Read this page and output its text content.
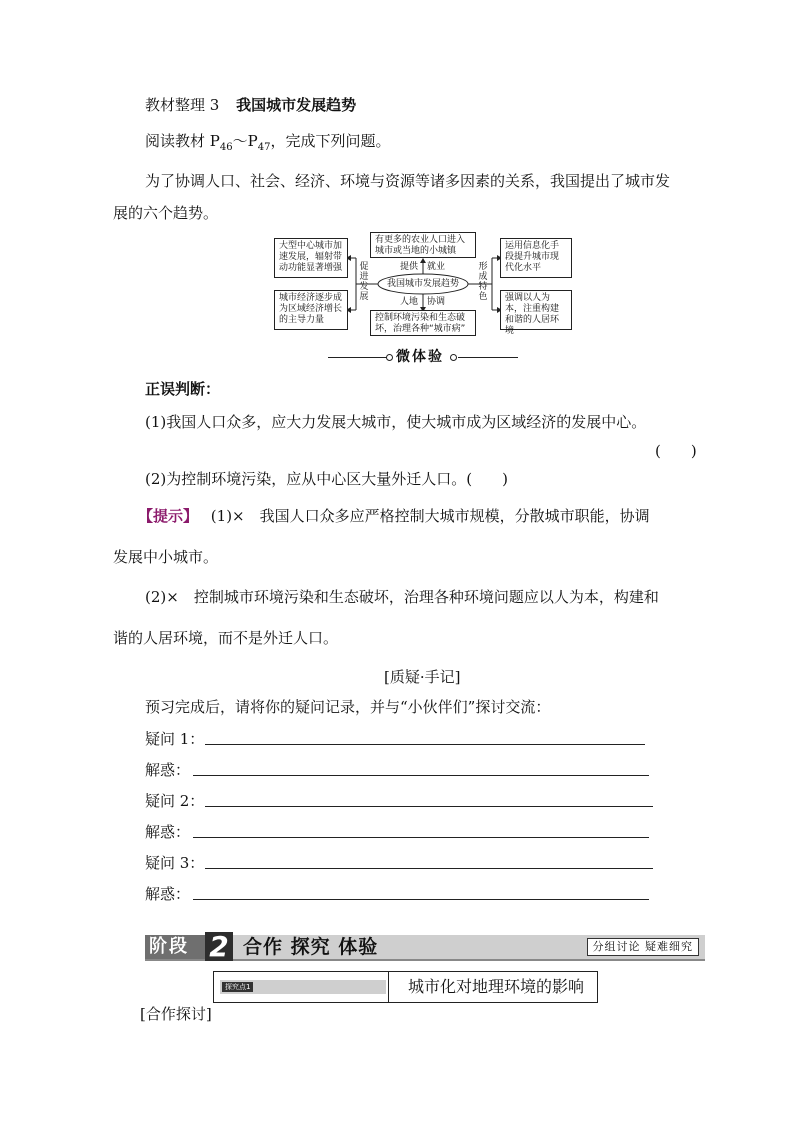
教材整理 3 我国城市发展趋势
阅读教材 $P_{46}\sim P_{47}$，完成下列问题。
为了协调人口、社会、经济、环境与资源等诸多因素的关系，我国提出了城市发
展的六个趋势。
大型中心城市加速发展，辐射带动功能显著增强
城市经济逐步成为区域经济增长的主导力量
有更多的农业人口进入城市或当地的小城镇
控制环境污染和生态破坏，治理各种“城市病”
运用信息化手段提升城市现代化水平
强调以人为本，注重构建和谐的人居环境
我国城市发展趋势
提供 就业
人地 协调
促进发展
形成特色
微体验
正误判断：
(1)我国人口众多，应大力发展大城市，使大城市成为区域经济的发展中心。
(　　)
(2)为控制环境污染，应从中心区大量外迁人口。(　　)
【提示】 (1)×　我国人口众多应严格控制大城市规模，分散城市职能，协调
发展中小城市。
(2)×　控制城市环境污染和生态破坏，治理各种环境问题应以人为本，构建和
谐的人居环境，而不是外迁人口。
[质疑·手记]
预习完成后，请将你的疑问记录，并与“小伙伴们”探讨交流：
疑问 1：
解惑：
疑问 2：
解惑：
疑问 3：
解惑：
阶段 2 合作 探究 体验	分组讨论 疑难细究
探究点1	城市化对地理环境的影响
[合作探讨]
